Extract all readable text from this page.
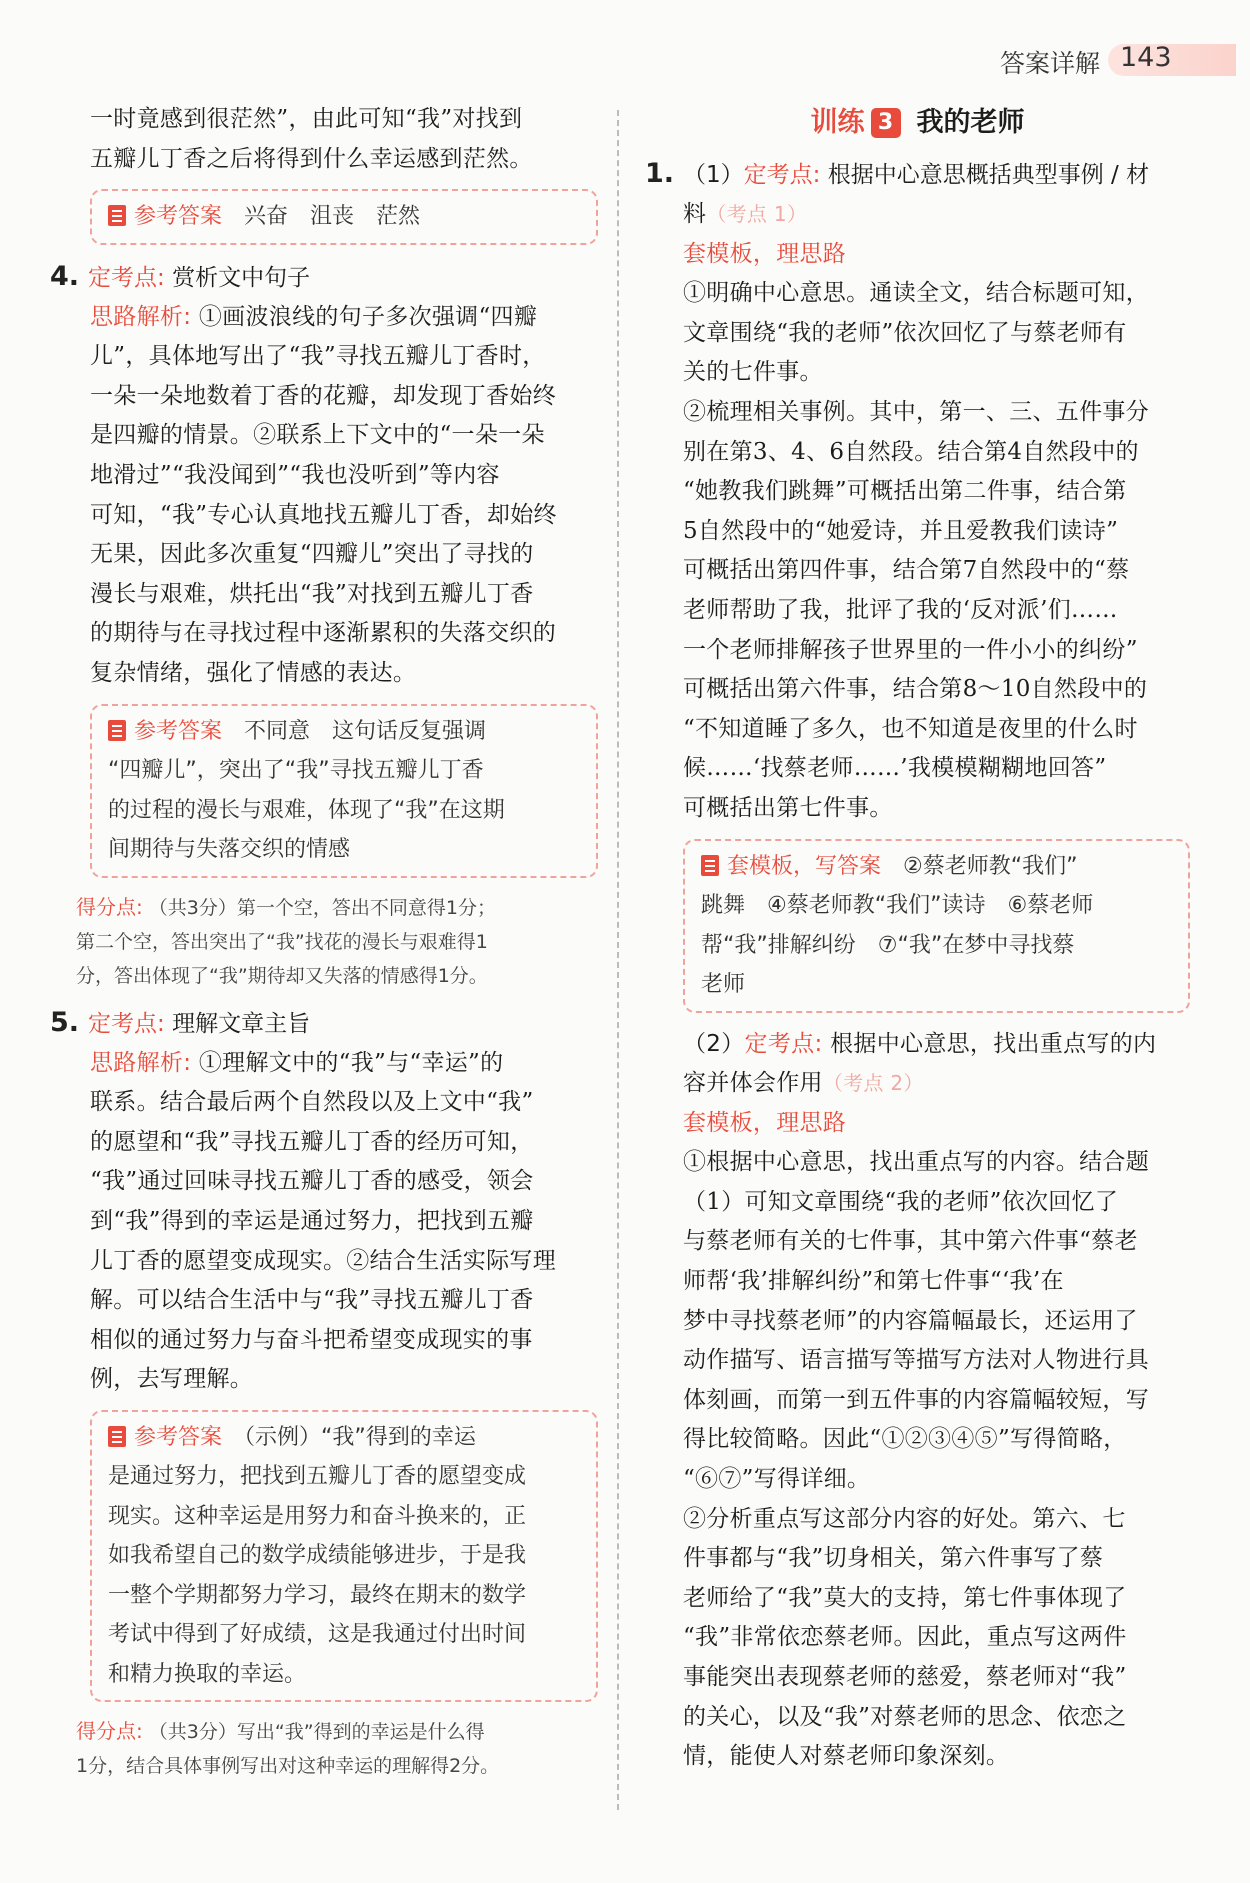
答案详解 143

一时竟感到很茫然”，由此可知“我”对找到

五瓣儿丁香之后将得到什么幸运感到茫然。

参考答案　 兴奋　沮丧　茫然
4. 定考点: 赏析文中句子

思路解析: ①画波浪线的句子多次强调“四瓣

儿”，具体地写出了“我”寻找五瓣儿丁香时，

一朵一朵地数着丁香的花瓣，却发现丁香始终

是四瓣的情景。②联系上下文中的“一朵一朵

地滑过”“我没闻到”“我也没听到”等内容

可知，“我”专心认真地找五瓣儿丁香，却始终

无果，因此多次重复“四瓣儿”突出了寻找的

漫长与艰难，烘托出“我”对找到五瓣儿丁香

的期待与在寻找过程中逐渐累积的失落交织的

复杂情绪，强化了情感的表达。

参考答案　 不同意　这句话反复强调

“四瓣儿”，突出了“我”寻找五瓣儿丁香

的过程的漫长与艰难，体现了“我”在这期

间期待与失落交织的情感

得分点: （共3分）第一个空，答出不同意得1分；

第二个空，答出突出了“我”找花的漫长与艰难得1

分，答出体现了“我”期待却又失落的情感得1分。

5. 定考点: 理解文章主旨

思路解析: ①理解文中的“我”与“幸运”的

联系。结合最后两个自然段以及上文中“我”

的愿望和“我”寻找五瓣儿丁香的经历可知，

“我”通过回味寻找五瓣儿丁香的感受，领会

到“我”得到的幸运是通过努力，把找到五瓣

儿丁香的愿望变成现实。②结合生活实际写理

解。可以结合生活中与“我”寻找五瓣儿丁香

相似的通过努力与奋斗把希望变成现实的事

例，去写理解。

参考答案　 （示例）“我”得到的幸运

是通过努力，把找到五瓣儿丁香的愿望变成

现实。这种幸运是用努力和奋斗换来的，正

如我希望自己的数学成绩能够进步，于是我

一整个学期都努力学习，最终在期末的数学

考试中得到了好成绩，这是我通过付出时间

和精力换取的幸运。

得分点: （共3分）写出“我”得到的幸运是什么得

1分，结合具体事例写出对这种幸运的理解得2分。

训练 3 我的老师
1. （1）定考点: 根据中心意思概括典型事例 / 材

料（考点 1）

套模板，理思路

①明确中心意思。通读全文，结合标题可知，

文章围绕“我的老师”依次回忆了与蔡老师有

关的七件事。

②梳理相关事例。其中，第一、三、五件事分

别在第3、4、6自然段。结合第4自然段中的

“她教我们跳舞”可概括出第二件事，结合第

5自然段中的“她爱诗，并且爱教我们读诗”

可概括出第四件事，结合第7自然段中的“蔡

老师帮助了我，批评了我的‘反对派’们……

一个老师排解孩子世界里的一件小小的纠纷”

可概括出第六件事，结合第8～10自然段中的

“不知道睡了多久，也不知道是夜里的什么时

候……‘找蔡老师……’我模模糊糊地回答”

可概括出第七件事。

套模板，写答案　 ②蔡老师教“我们”

跳舞　④蔡老师教“我们”读诗　⑥蔡老师

帮“我”排解纠纷　⑦“我”在梦中寻找蔡

老师

（2）定考点: 根据中心意思，找出重点写的内

容并体会作用（考点 2）

套模板，理思路

①根据中心意思，找出重点写的内容。结合题

（1）可知文章围绕“我的老师”依次回忆了

与蔡老师有关的七件事，其中第六件事“蔡老

师帮‘我’排解纠纷”和第七件事“‘我’在

梦中寻找蔡老师”的内容篇幅最长，还运用了

动作描写、语言描写等描写方法对人物进行具

体刻画，而第一到五件事的内容篇幅较短，写

得比较简略。因此“①②③④⑤”写得简略，

“⑥⑦”写得详细。

②分析重点写这部分内容的好处。第六、七

件事都与“我”切身相关，第六件事写了蔡

老师给了“我”莫大的支持，第七件事体现了

“我”非常依恋蔡老师。因此，重点写这两件

事能突出表现蔡老师的慈爱，蔡老师对“我”

的关心，以及“我”对蔡老师的思念、依恋之

情，能使人对蔡老师印象深刻。
